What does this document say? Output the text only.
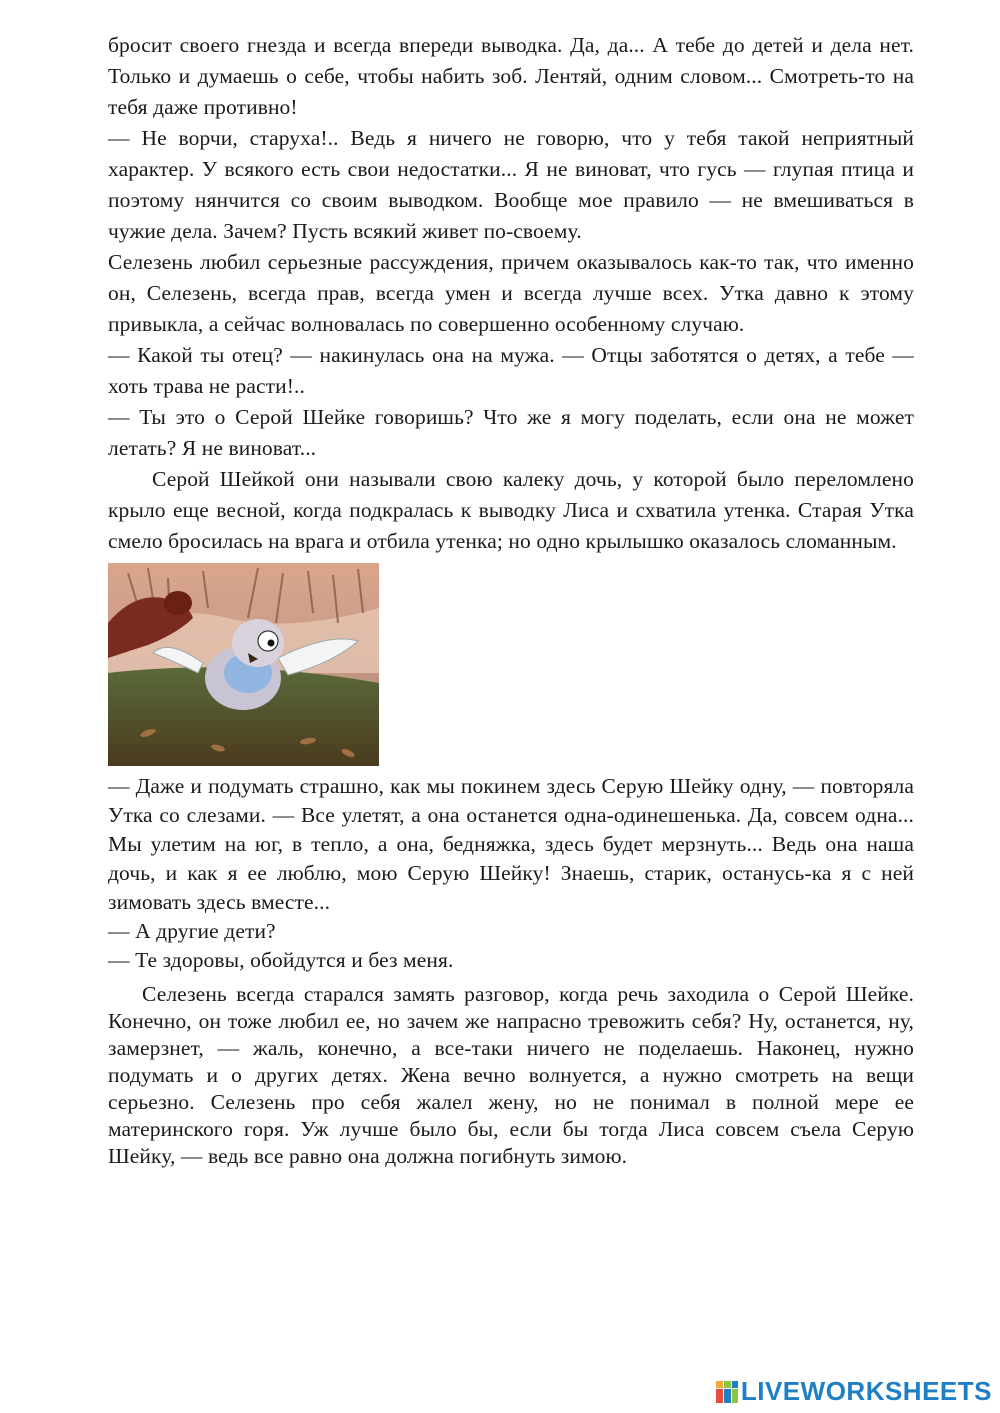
бросит своего гнезда и всегда впереди выводка. Да, да... А тебе до детей и дела нет. Только и думаешь о себе, чтобы набить зоб. Лентяй, одним словом... Смотреть-то на тебя даже противно!

— Не ворчи, старуха!.. Ведь я ничего не говорю, что у тебя такой неприятный характер. У всякого есть свои недостатки... Я не виноват, что гусь — глупая птица и поэтому нянчится со своим выводком. Вообще мое правило — не вмешиваться в чужие дела. Зачем? Пусть всякий живет по-своему.

Селезень любил серьезные рассуждения, причем оказывалось как-то так, что именно он, Селезень, всегда прав, всегда умен и всегда лучше всех. Утка давно к этому привыкла, а сейчас волновалась по совершенно особенному случаю.

— Какой ты отец? — накинулась она на мужа. — Отцы заботятся о детях, а тебе — хоть трава не расти!..

— Ты это о Серой Шейке говоришь? Что же я могу поделать, если она не может летать? Я не виноват...

Серой Шейкой они называли свою калеку дочь, у которой было переломлено крыло еще весной, когда подкралась к выводку Лиса и схватила утенка. Старая Утка смело бросилась на врага и отбила утенка; но одно крылышко оказалось сломанным.

— Даже и подумать страшно, как мы покинем здесь Серую Шейку одну, — повторяла Утка со слезами. — Все улетят, а она останется одна-одинешенька. Да, совсем одна... Мы улетим на юг, в тепло, а она, бедняжка, здесь будет мерзнуть... Ведь она наша дочь, и как я ее люблю, мою Серую Шейку! Знаешь, старик, останусь-ка я с ней зимовать здесь вместе...

— А другие дети?

— Те здоровы, обойдутся и без меня.

Селезень всегда старался замять разговор, когда речь заходила о Серой Шейке. Конечно, он тоже любил ее, но зачем же напрасно тревожить себя? Ну, останется, ну, замерзнет, — жаль, конечно, а все-таки ничего не поделаешь. Наконец, нужно подумать и о других детях. Жена вечно волнуется, а нужно смотреть на вещи серьезно. Селезень про себя жалел жену, но не понимал в полной мере ее материнского горя. Уж лучше было бы, если бы тогда Лиса совсем съела Серую Шейку, — ведь все равно она должна погибнуть зимою.

LIVEWORKSHEETS
